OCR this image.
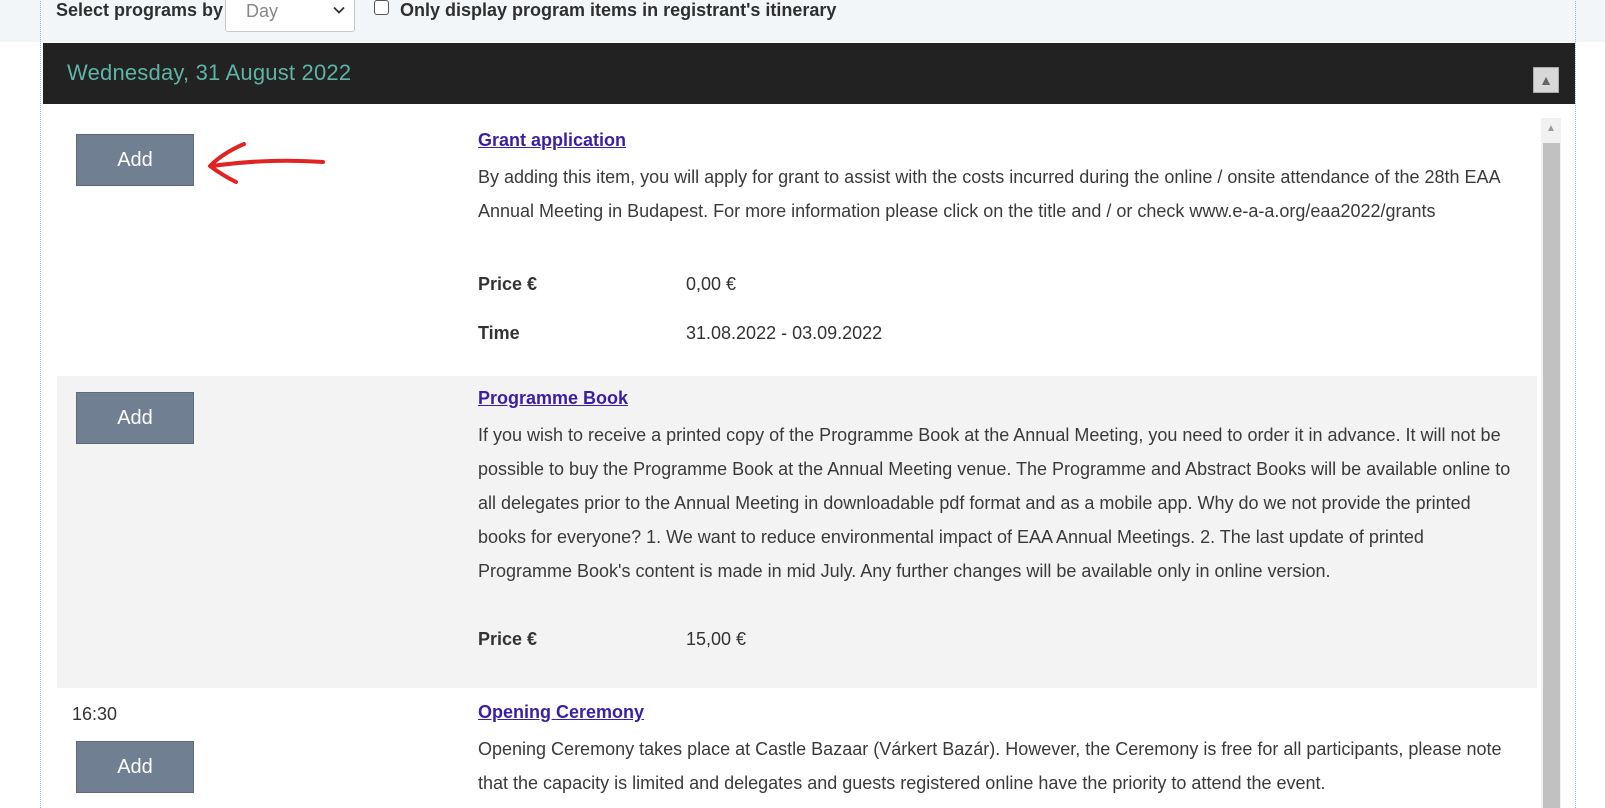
Select programs by	Day	Only display program items in registrant's itinerary
Wednesday, 31 August 2022	▲
Add
Grant application
By adding this item, you will apply for grant to assist with the costs incurred during the online / onsite attendance of the 28th EAA Annual Meeting in Budapest. For more information please click on the title and / or check www.e-a-a.org/eaa2022/grants
Price €	0,00 €
Time	31.08.2022 - 03.09.2022
Add
Programme Book
If you wish to receive a printed copy of the Programme Book at the Annual Meeting, you need to order it in advance. It will not be possible to buy the Programme Book at the Annual Meeting venue. The Programme and Abstract Books will be available online to all delegates prior to the Annual Meeting in downloadable pdf format and as a mobile app. Why do we not provide the printed books for everyone? 1. We want to reduce environmental impact of EAA Annual Meetings. 2. The last update of printed Programme Book's content is made in mid July. Any further changes will be available only in online version.
Price €	15,00 €
16:30
Add
Opening Ceremony
Opening Ceremony takes place at Castle Bazaar (Várkert Bazár). However, the Ceremony is free for all participants, please note that the capacity is limited and delegates and guests registered online have the priority to attend the event.
▲
